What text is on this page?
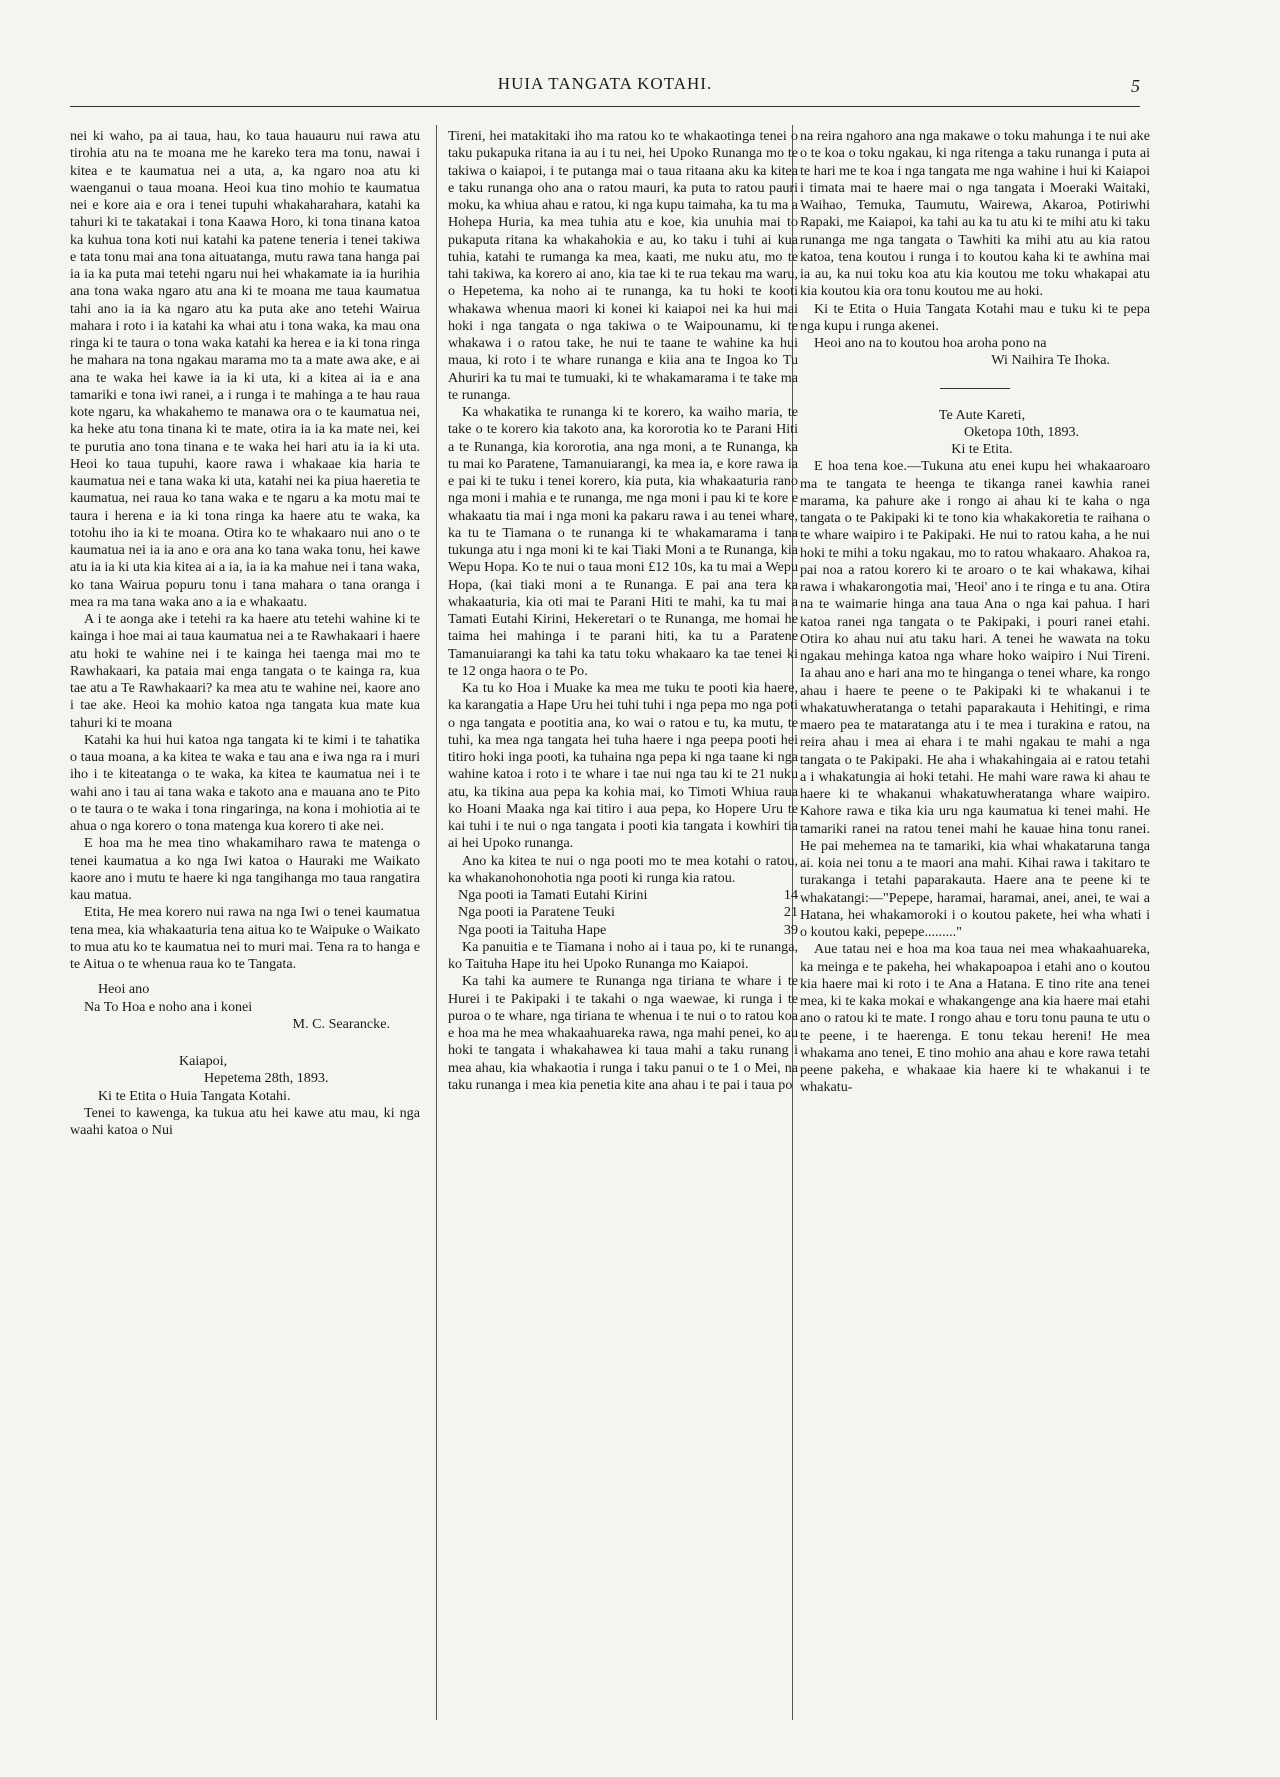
HUIA TANGATA KOTAHI.	5

nei ki waho, pa ai taua, hau, ko taua hauauru nui rawa atu tirohia atu na te moana me he kareko tera ma tonu, nawai i kitea e te kaumatua nei a uta, a, ka ngaro noa atu ki waenganui o taua moana. Heoi kua tino mohio te kaumatua nei e kore aia e ora i tenei tupuhi whakaharahara, katahi ka tahuri ki te takatakai i tona Kaawa Horo, ki tona tinana katoa ka kuhua tona koti nui katahi ka patene teneria i tenei takiwa e tata tonu mai ana tona aituatanga, mutu rawa tana hanga pai ia ia ka puta mai tetehi ngaru nui hei whakamate ia ia hurihia ana tona waka ngaro atu ana ki te moana me taua kaumatua tahi ano ia ia ka ngaro atu ka puta ake ano tetehi Wairua mahara i roto i ia katahi ka whai atu i tona waka, ka mau ona ringa ki te taura o tona waka katahi ka herea e ia ki tona ringa he mahara na tona ngakau marama mo ta a mate awa ake, e ai ana te waka hei kawe ia ia ki uta, ki a kitea ai ia e ana tamariki e tona iwi ranei, a i runga i te mahinga a te hau raua kote ngaru, ka whakahemo te manawa ora o te kaumatua nei, ka heke atu tona tinana ki te mate, otira ia ia ka mate nei, kei te purutia ano tona tinana e te waka hei hari atu ia ia ki uta. Heoi ko taua tupuhi, kaore rawa i whakaae kia haria te kaumatua nei e tana waka ki uta, katahi nei ka piua haeretia te kaumatua, nei raua ko tana waka e te ngaru a ka motu mai te taura i herena e ia ki tona ringa ka haere atu te waka, ka totohu iho ia ki te moana. Otira ko te whakaaro nui ano o te kaumatua nei ia ia ano e ora ana ko tana waka tonu, hei kawe atu ia ia ki uta kia kitea ai a ia, ia ia ka mahue nei i tana waka, ko tana Wairua popuru tonu i tana mahara o tana oranga i mea ra ma tana waka ano a ia e whakaatu.

A i te aonga ake i tetehi ra ka haere atu tetehi wahine ki te kainga i hoe mai ai taua kaumatua nei a te Rawhakaari i haere atu hoki te wahine nei i te kainga hei taenga mai mo te Rawhakaari, ka pataia mai enga tangata o te kainga ra, kua tae atu a Te Rawhakaari? ka mea atu te wahine nei, kaore ano i tae ake. Heoi ka mohio katoa nga tangata kua mate kua tahuri ki te moana

Katahi ka hui hui katoa nga tangata ki te kimi i te tahatika o taua moana, a ka kitea te waka e tau ana e iwa nga ra i muri iho i te kiteatanga o te waka, ka kitea te kaumatua nei i te wahi ano i tau ai tana waka e takoto ana e mauana ano te Pito o te taura o te waka i tona ringaringa, na kona i mohiotia ai te ahua o nga korero o tona matenga kua korero ti ake nei.

E hoa ma he mea tino whakamiharo rawa te matenga o tenei kaumatua a ko nga Iwi katoa o Hauraki me Waikato kaore ano i mutu te haere ki nga tangihanga mo taua rangatira kau matua.

Etita, He mea korero nui rawa na nga Iwi o tenei kaumatua tena mea, kia whakaaturia tena aitua ko te Waipuke o Waikato to mua atu ko te kaumatua nei to muri mai. Tena ra to hanga e te Aitua o te whenua raua ko te Tangata.

Heoi ano

Na To Hoa e noho ana i konei

M. C. Searancke.

Kaiapoi,

Hepetema 28th, 1893.

Ki te Etita o Huia Tangata Kotahi.

Tenei to kawenga, ka tukua atu hei kawe atu mau, ki nga waahi katoa o Nui

Tireni, hei matakitaki iho ma ratou ko te whakaotinga tenei o taku pukapuka ritana ia au i tu nei, hei Upoko Runanga mo te takiwa o kaiapoi, i te putanga mai o taua ritaana aku ka kitea e taku runanga oho ana o ratou mauri, ka puta to ratou pauri moku, ka whiua ahau e ratou, ki nga kupu taimaha, ka tu ma a Hohepa Huria, ka mea tuhia atu e koe, kia unuhia mai to pukaputa ritana ka whakahokia e au, ko taku i tuhi ai kua tuhia, katahi te rumanga ka mea, kaati, me nuku atu, mo te tahi takiwa, ka korero ai ano, kia tae ki te rua tekau ma waru, o Hepetema, ka noho ai te runanga, ka tu hoki te kooti whakawa whenua maori ki konei ki kaiapoi nei ka hui mai hoki i nga tangata o nga takiwa o te Waipounamu, ki te whakawa i o ratou take, he nui te taane te wahine ka hui maua, ki roto i te whare runanga e kiia ana te Ingoa ko Tu Ahuriri ka tu mai te tumuaki, ki te whakamarama i te take ma te runanga.

Ka whakatika te runanga ki te korero, ka waiho maria, te take o te korero kia takoto ana, ka kororotia ko te Parani Hiti a te Runanga, kia kororotia, ana nga moni, a te Runanga, ka tu mai ko Paratene, Tamanuiarangi, ka mea ia, e kore rawa ia e pai ki te tuku i tenei korero, kia puta, kia whakaaturia rano nga moni i mahia e te runanga, me nga moni i pau ki te kore e whakaatu tia mai i nga moni ka pakaru rawa i au tenei whare, ka tu te Tiamana o te runanga ki te whakamarama i tana tukunga atu i nga moni ki te kai Tiaki Moni a te Runanga, kia Wepu Hopa. Ko te nui o taua moni £12 10s, ka tu mai a Wepu Hopa, (kai tiaki moni a te Runanga. E pai ana tera ka whakaaturia, kia oti mai te Parani Hiti te mahi, ka tu mai a Tamati Eutahi Kirini, Hekeretari o te Runanga, me homai he taima hei mahinga i te parani hiti, ka tu a Paratene Tamanuiarangi ka tahi ka tatu toku whakaaro ka tae tenei ki te 12 onga haora o te Po.

Ka tu ko Hoa i Muake ka mea me tuku te pooti kia haere, ka karangatia a Hape Uru hei tuhi tuhi i nga pepa mo nga poti o nga tangata e pootitia ana, ko wai o ratou e tu, ka mutu, te tuhi, ka mea nga tangata hei tuha haere i nga peepa pooti hei titiro hoki inga pooti, ka tuhaina nga pepa ki nga taane ki nga wahine katoa i roto i te whare i tae nui nga tau ki te 21 nuku atu, ka tikina aua pepa ka kohia mai, ko Timoti Whiua raua ko Hoani Maaka nga kai titiro i aua pepa, ko Hopere Uru te kai tuhi i te nui o nga tangata i pooti kia tangata i kowhiri tia ai hei Upoko runanga.

Ano ka kitea te nui o nga pooti mo te mea kotahi o ratou, ka whakanohonohotia nga pooti ki runga kia ratou.

Nga pooti ia Tamati Eutahi Kirini	14
Nga pooti ia Paratene Teuki	21
Nga pooti ia Taituha Hape	39

Ka panuitia e te Tiamana i noho ai i taua po, ki te runanga, ko Taituha Hape itu hei Upoko Runanga mo Kaiapoi.

Ka tahi ka aumere te Runanga nga tiriana te whare i te Hurei i te Pakipaki i te takahi o nga waewae, ki runga i te puroa o te whare, nga tiriana te whenua i te nui o to ratou koa e hoa ma he mea whakaahuareka rawa, nga mahi penei, ko au hoki te tangata i whakahawea ki taua mahi a taku runang i mea ahau, kia whakaotia i runga i taku panui o te 1 o Mei, na taku runanga i mea kia penetia kite ana ahau i te pai i taua po

na reira ngahoro ana nga makawe o toku mahunga i te nui ake o te koa o toku ngakau, ki nga ritenga a taku runanga i puta ai te hari me te koa i nga tangata me nga wahine i hui ki Kaiapoi i timata mai te haere mai o nga tangata i Moeraki Waitaki, Waihao, Temuka, Taumutu, Wairewa, Akaroa, Potiriwhi Rapaki, me Kaiapoi, ka tahi au ka tu atu ki te mihi atu ki taku runanga me nga tangata o Tawhiti ka mihi atu au kia ratou katoa, tena koutou i runga i to koutou kaha ki te awhina mai ia au, ka nui toku koa atu kia koutou me toku whakapai atu kia koutou kia ora tonu koutou me au hoki.

Ki te Etita o Huia Tangata Kotahi mau e tuku ki te pepa nga kupu i runga akenei.

Heoi ano na to koutou hoa aroha pono na

Wi Naihira Te Ihoka.

Te Aute Kareti,

Oketopa 10th, 1893.

Ki te Etita.

E hoa tena koe.—Tukuna atu enei kupu hei whakaaroaro ma te tangata te heenga te tikanga ranei kawhia ranei marama, ka pahure ake i rongo ai ahau ki te kaha o nga tangata o te Pakipaki ki te tono kia whakakoretia te raihana o te whare waipiro i te Pakipaki. He nui to ratou kaha, a he nui hoki te mihi a toku ngakau, mo to ratou whakaaro. Ahakoa ra, pai noa a ratou korero ki te aroaro o te kai whakawa, kihai rawa i whakarongotia mai, 'Heoi' ano i te ringa e tu ana. Otira na te waimarie hinga ana taua Ana o nga kai pahua. I hari katoa ranei nga tangata o te Pakipaki, i pouri ranei etahi. Otira ko ahau nui atu taku hari. A tenei he wawata na toku ngakau mehinga katoa nga whare hoko waipiro i Nui Tireni. Ia ahau ano e hari ana mo te hinganga o tenei whare, ka rongo ahau i haere te peene o te Pakipaki ki te whakanui i te whakatuwheratanga o tetahi paparakauta i Hehitingi, e rima maero pea te mataratanga atu i te mea i turakina e ratou, na reira ahau i mea ai ehara i te mahi ngakau te mahi a nga tangata o te Pakipaki. He aha i whakahingaia ai e ratou tetahi a i whakatungia ai hoki tetahi. He mahi ware rawa ki ahau te haere ki te whakanui whakatuwheratanga whare waipiro. Kahore rawa e tika kia uru nga kaumatua ki tenei mahi. He tamariki ranei na ratou tenei mahi he kauae hina tonu ranei. He pai mehemea na te tamariki, kia whai whakataruna tanga ai. koia nei tonu a te maori ana mahi. Kihai rawa i takitaro te turakanga i tetahi paparakauta. Haere ana te peene ki te whakatangi:—"Pepepe, haramai, haramai, anei, anei, te wai a Hatana, hei whakamoroki i o koutou pakete, hei wha whati i o koutou kaki, pepepe........."

Aue tatau nei e hoa ma koa taua nei mea whakaahuareka, ka meinga e te pakeha, hei whakapoapoa i etahi ano o koutou kia haere mai ki roto i te Ana a Hatana. E tino rite ana tenei mea, ki te kaka mokai e whakangenge ana kia haere mai etahi ano o ratou ki te mate. I rongo ahau e toru tonu pauna te utu o te peene, i te haerenga. E tonu tekau hereni! He mea whakama ano tenei, E tino mohio ana ahau e kore rawa tetahi peene pakeha, e whakaae kia haere ki te whakanui i te whakatu-
